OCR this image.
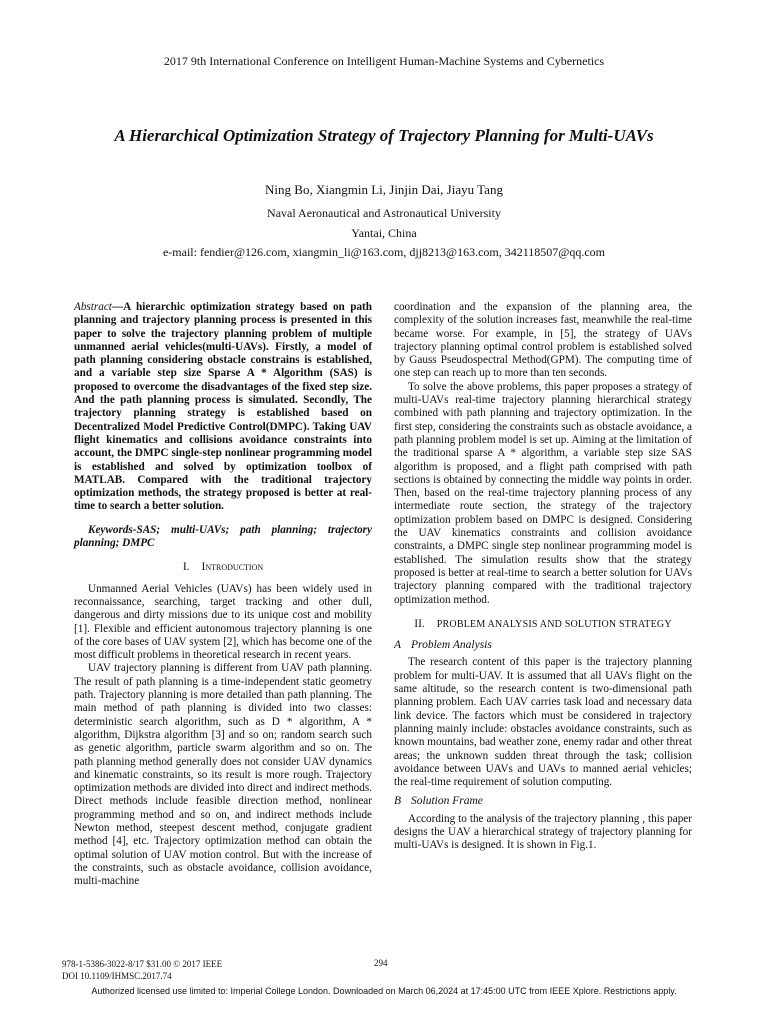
2017 9th International Conference on Intelligent Human-Machine Systems and Cybernetics
A Hierarchical Optimization Strategy of Trajectory Planning for Multi-UAVs
Ning Bo, Xiangmin Li, Jinjin Dai, Jiayu Tang
Naval Aeronautical and Astronautical University
Yantai, China
e-mail: fendier@126.com, xiangmin_li@163.com, djj8213@163.com, 342118507@qq.com

Abstract—A hierarchic optimization strategy based on path planning and trajectory planning process is presented in this paper to solve the trajectory planning problem of multiple unmanned aerial vehicles(multi-UAVs). Firstly, a model of path planning considering obstacle constrains is established, and a variable step size Sparse A * Algorithm (SAS) is proposed to overcome the disadvantages of the fixed step size. And the path planning process is simulated. Secondly, The trajectory planning strategy is established based on Decentralized Model Predictive Control(DMPC). Taking UAV flight kinematics and collisions avoidance constraints into account, the DMPC single-step nonlinear programming model is established and solved by optimization toolbox of MATLAB. Compared with the traditional trajectory optimization methods, the strategy proposed is better at real-time to search a better solution.

Keywords-SAS; multi-UAVs; path planning; trajectory planning; DMPC

I. Introduction

Unmanned Aerial Vehicles (UAVs) has been widely used in reconnaissance, searching, target tracking and other dull, dangerous and dirty missions due to its unique cost and mobility [1]. Flexible and efficient autonomous trajectory planning is one of the core bases of UAV system [2], which has become one of the most difficult problems in theoretical research in recent years.

UAV trajectory planning is different from UAV path planning. The result of path planning is a time-independent static geometry path. Trajectory planning is more detailed than path planning. The main method of path planning is divided into two classes: deterministic search algorithm, such as D * algorithm, A * algorithm, Dijkstra algorithm [3] and so on; random search such as genetic algorithm, particle swarm algorithm and so on. The path planning method generally does not consider UAV dynamics and kinematic constraints, so its result is more rough. Trajectory optimization methods are divided into direct and indirect methods. Direct methods include feasible direction method, nonlinear programming method and so on, and indirect methods include Newton method, steepest descent method, conjugate gradient method [4], etc. Trajectory optimization method can obtain the optimal solution of UAV motion control. But with the increase of the constraints, such as obstacle avoidance, collision avoidance, multi-machine

coordination and the expansion of the planning area, the complexity of the solution increases fast, meanwhile the real-time became worse. For example, in [5], the strategy of UAVs trajectory planning optimal control problem is established solved by Gauss Pseudospectral Method(GPM). The computing time of one step can reach up to more than ten seconds.

To solve the above problems, this paper proposes a strategy of multi-UAVs real-time trajectory planning hierarchical strategy combined with path planning and trajectory optimization. In the first step, considering the constraints such as obstacle avoidance, a path planning problem model is set up. Aiming at the limitation of the traditional sparse A * algorithm, a variable step size SAS algorithm is proposed, and a flight path comprised with path sections is obtained by connecting the middle way points in order. Then, based on the real-time trajectory planning process of any intermediate route section, the strategy of the trajectory optimization problem based on DMPC is designed. Considering the UAV kinematics constraints and collision avoidance constraints, a DMPC single step nonlinear programming model is established. The simulation results show that the strategy proposed is better at real-time to search a better solution for UAVs trajectory planning compared with the traditional trajectory optimization method.

II. PROBLEM ANALYSIS AND SOLUTION STRATEGY
A Problem Analysis

The research content of this paper is the trajectory planning problem for multi-UAV. It is assumed that all UAVs flight on the same altitude, so the research content is two-dimensional path planning problem. Each UAV carries task load and necessary data link device. The factors which must be considered in trajectory planning mainly include: obstacles avoidance constraints, such as known mountains, bad weather zone, enemy radar and other threat areas; the unknown sudden threat through the task; collision avoidance between UAVs and UAVs to manned aerial vehicles; the real-time requirement of solution computing.

B Solution Frame

According to the analysis of the trajectory planning , this paper designs the UAV a hierarchical strategy of trajectory planning for multi-UAVs is designed. It is shown in Fig.1.

978-1-5386-3022-8/17 $31.00 © 2017 IEEE
DOI 10.1109/IHMSC.2017.74
294
Authorized licensed use limited to: Imperial College London. Downloaded on March 06,2024 at 17:45:00 UTC from IEEE Xplore. Restrictions apply.
